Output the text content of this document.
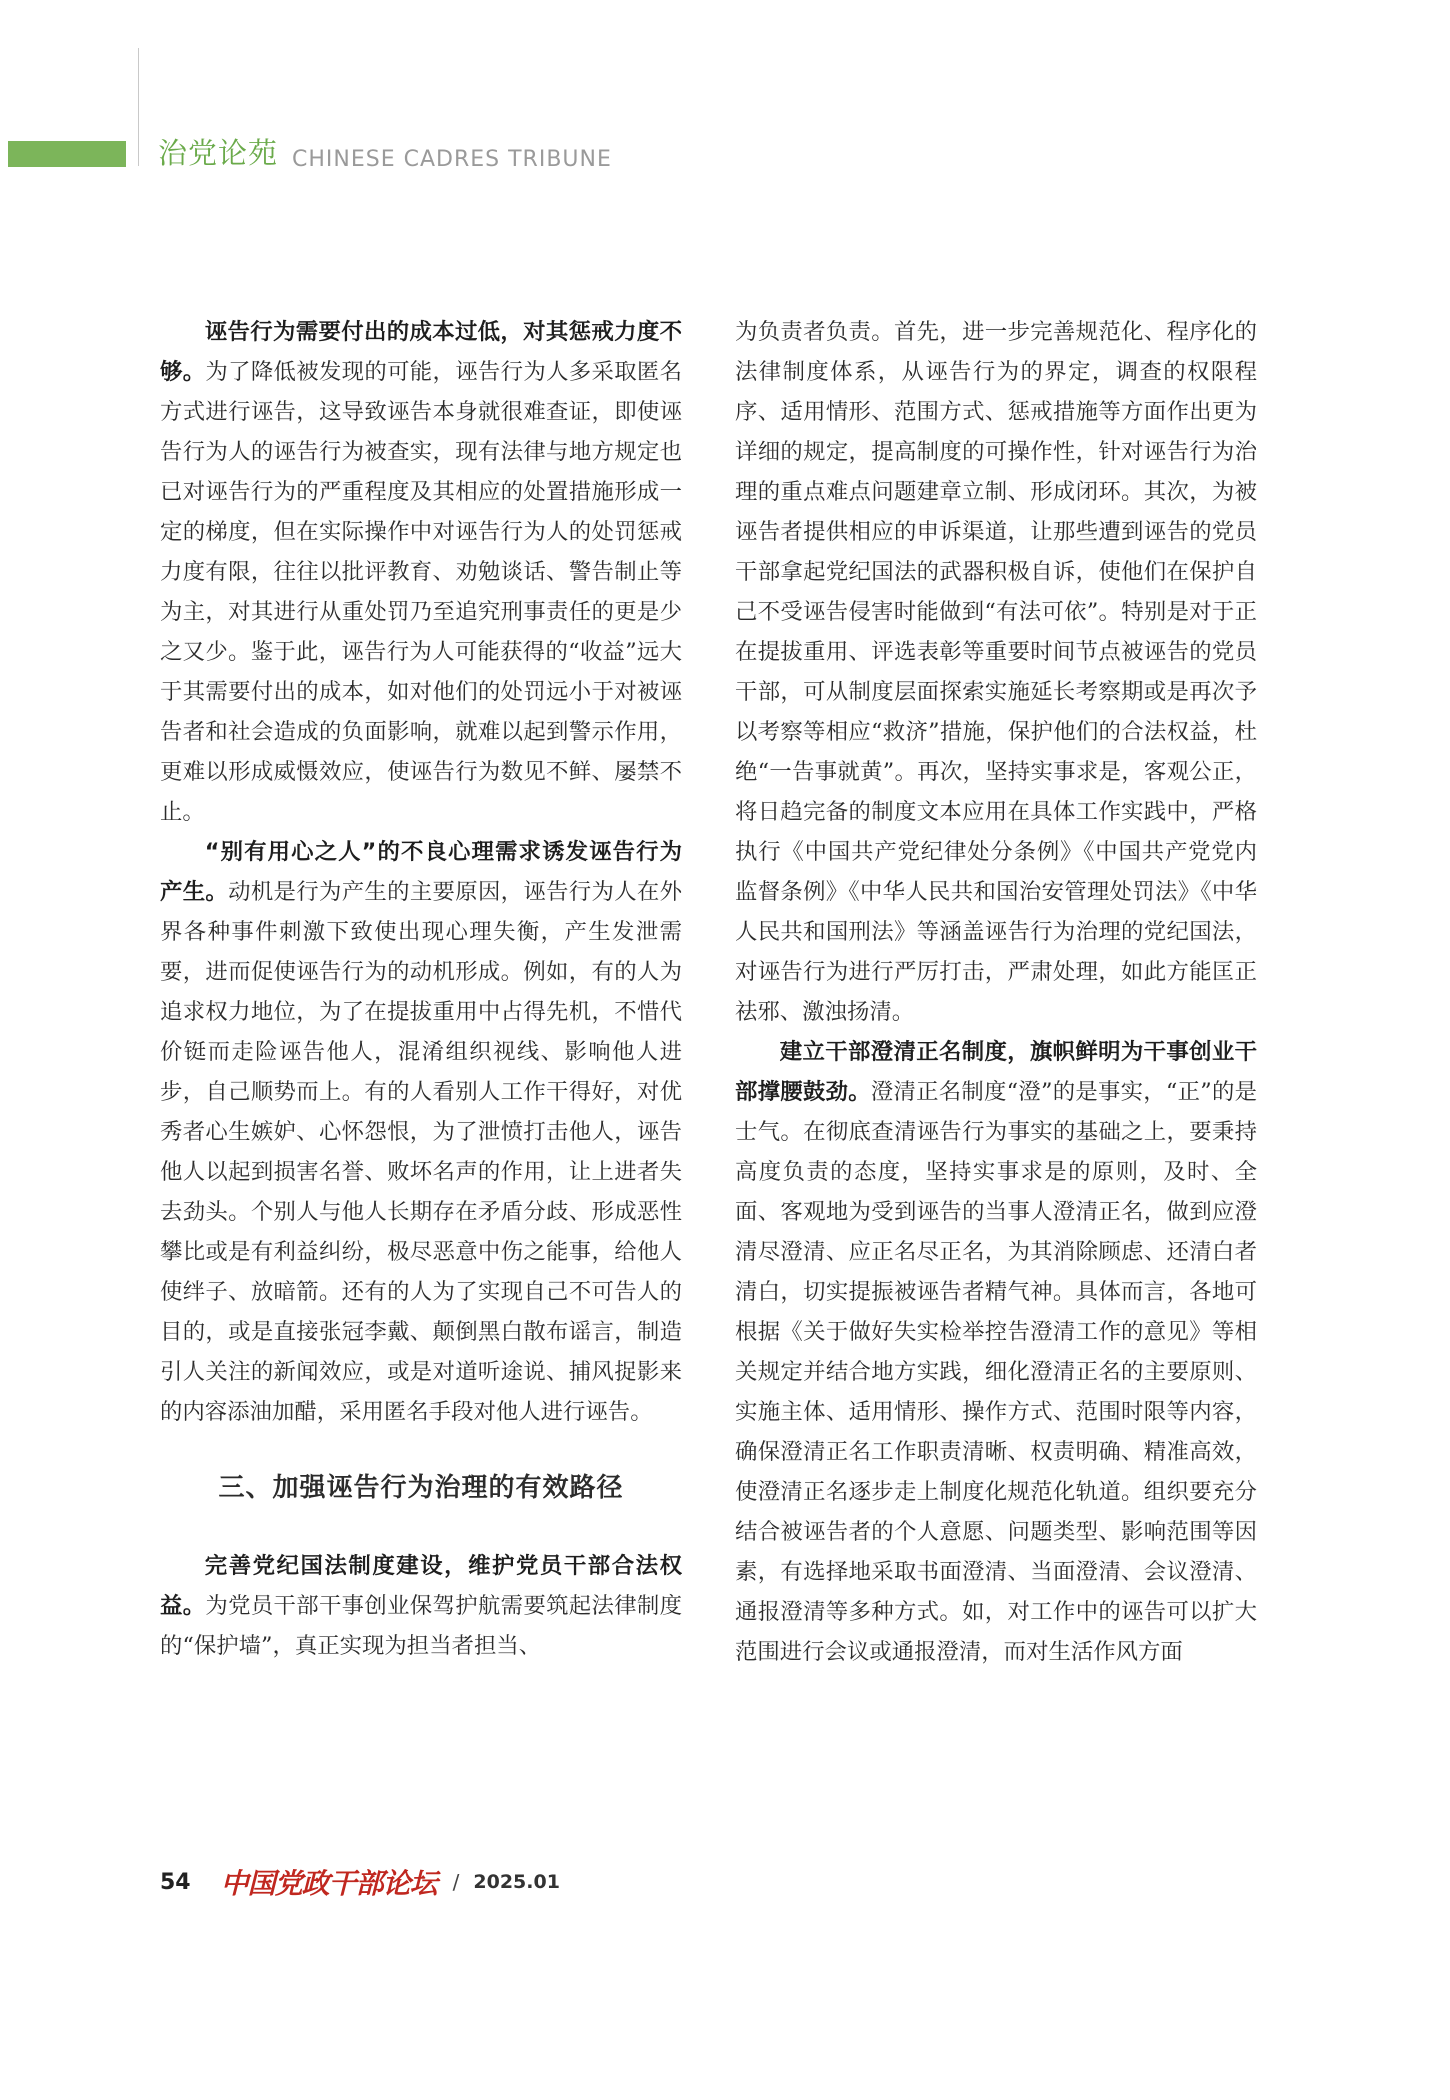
治党论苑 CHINESE CADRES TRIBUNE

诬告行为需要付出的成本过低，对其惩戒力度不够。为了降低被发现的可能，诬告行为人多采取匿名方式进行诬告，这导致诬告本身就很难查证，即使诬告行为人的诬告行为被查实，现有法律与地方规定也已对诬告行为的严重程度及其相应的处置措施形成一定的梯度，但在实际操作中对诬告行为人的处罚惩戒力度有限，往往以批评教育、劝勉谈话、警告制止等为主，对其进行从重处罚乃至追究刑事责任的更是少之又少。鉴于此，诬告行为人可能获得的“收益”远大于其需要付出的成本，如对他们的处罚远小于对被诬告者和社会造成的负面影响，就难以起到警示作用，更难以形成威慑效应，使诬告行为数见不鲜、屡禁不止。

“别有用心之人”的不良心理需求诱发诬告行为产生。动机是行为产生的主要原因，诬告行为人在外界各种事件刺激下致使出现心理失衡，产生发泄需要，进而促使诬告行为的动机形成。例如，有的人为追求权力地位，为了在提拔重用中占得先机，不惜代价铤而走险诬告他人，混淆组织视线、影响他人进步，自己顺势而上。有的人看别人工作干得好，对优秀者心生嫉妒、心怀怨恨，为了泄愤打击他人，诬告他人以起到损害名誉、败坏名声的作用，让上进者失去劲头。个别人与他人长期存在矛盾分歧、形成恶性攀比或是有利益纠纷，极尽恶意中伤之能事，给他人使绊子、放暗箭。还有的人为了实现自己不可告人的目的，或是直接张冠李戴、颠倒黑白散布谣言，制造引人关注的新闻效应，或是对道听途说、捕风捉影来的内容添油加醋，采用匿名手段对他人进行诬告。

三、加强诬告行为治理的有效路径

完善党纪国法制度建设，维护党员干部合法权益。为党员干部干事创业保驾护航需要筑起法律制度的“保护墙”，真正实现为担当者担当、

为负责者负责。首先，进一步完善规范化、程序化的法律制度体系，从诬告行为的界定，调查的权限程序、适用情形、范围方式、惩戒措施等方面作出更为详细的规定，提高制度的可操作性，针对诬告行为治理的重点难点问题建章立制、形成闭环。其次，为被诬告者提供相应的申诉渠道，让那些遭到诬告的党员干部拿起党纪国法的武器积极自诉，使他们在保护自己不受诬告侵害时能做到“有法可依”。特别是对于正在提拔重用、评选表彰等重要时间节点被诬告的党员干部，可从制度层面探索实施延长考察期或是再次予以考察等相应“救济”措施，保护他们的合法权益，杜绝“一告事就黄”。再次，坚持实事求是，客观公正，将日趋完备的制度文本应用在具体工作实践中，严格执行《中国共产党纪律处分条例》《中国共产党党内监督条例》《中华人民共和国治安管理处罚法》《中华人民共和国刑法》等涵盖诬告行为治理的党纪国法，对诬告行为进行严厉打击，严肃处理，如此方能匡正祛邪、激浊扬清。

建立干部澄清正名制度，旗帜鲜明为干事创业干部撑腰鼓劲。澄清正名制度“澄”的是事实，“正”的是士气。在彻底查清诬告行为事实的基础之上，要秉持高度负责的态度，坚持实事求是的原则，及时、全面、客观地为受到诬告的当事人澄清正名，做到应澄清尽澄清、应正名尽正名，为其消除顾虑、还清白者清白，切实提振被诬告者精气神。具体而言，各地可根据《关于做好失实检举控告澄清工作的意见》等相关规定并结合地方实践，细化澄清正名的主要原则、实施主体、适用情形、操作方式、范围时限等内容，确保澄清正名工作职责清晰、权责明确、精准高效，使澄清正名逐步走上制度化规范化轨道。组织要充分结合被诬告者的个人意愿、问题类型、影响范围等因素，有选择地采取书面澄清、当面澄清、会议澄清、通报澄清等多种方式。如，对工作中的诬告可以扩大范围进行会议或通报澄清，而对生活作风方面

54 中国党政干部论坛 / 2025.01
